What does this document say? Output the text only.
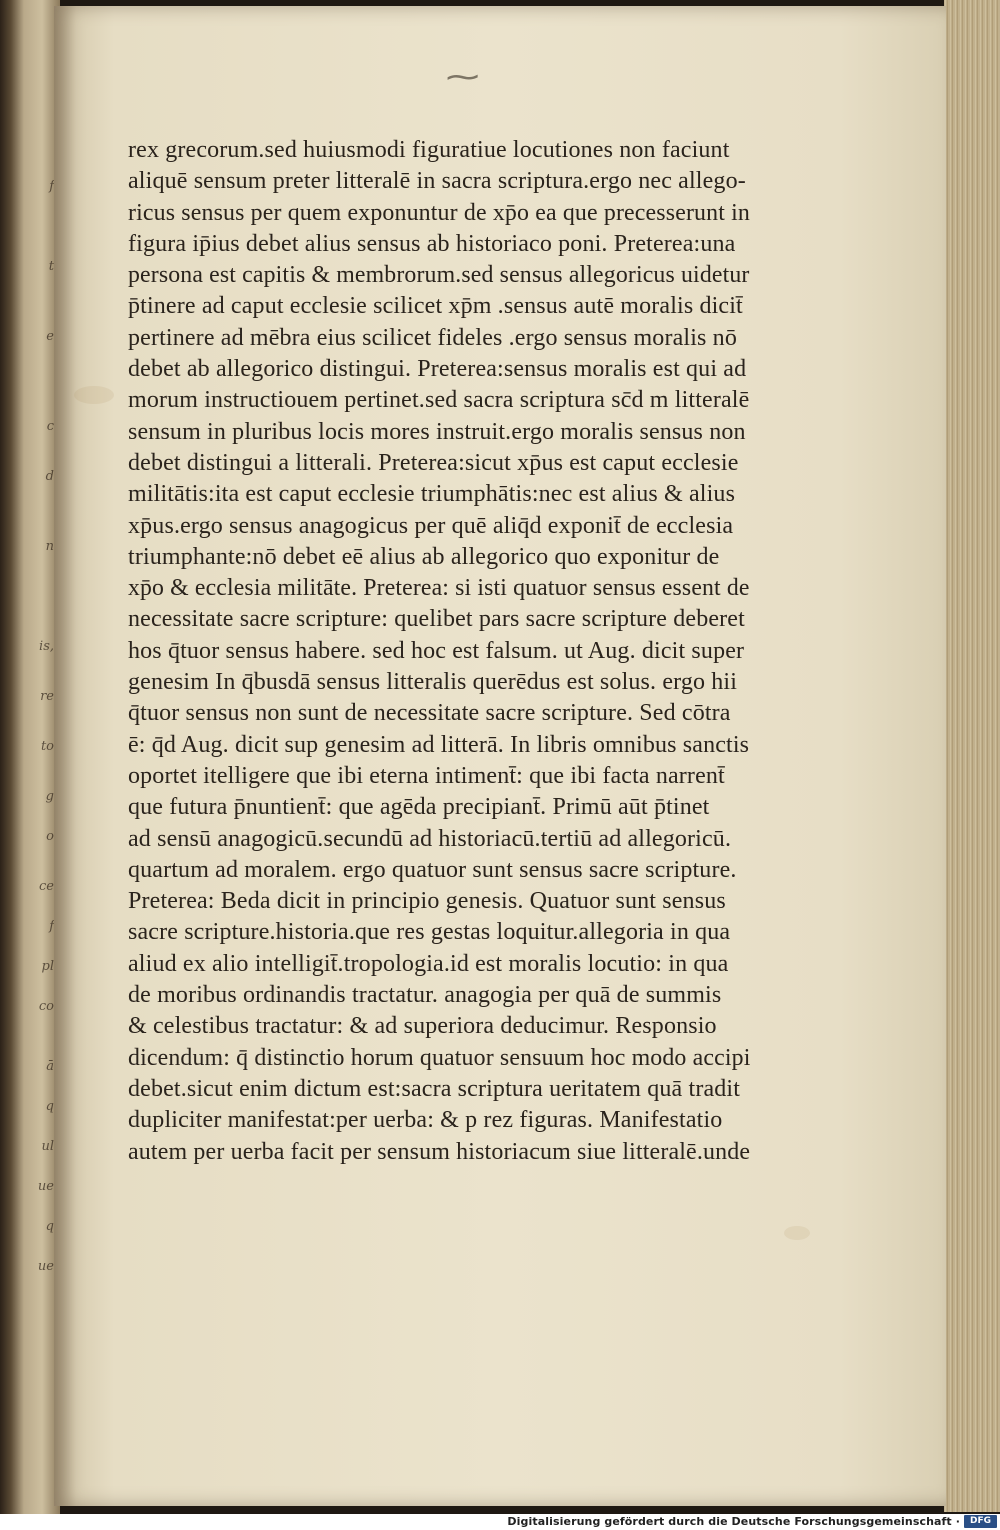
f
t
e
c
d
n
is,
re
to
g
o
ce
f
pl
co
ā
q
ul
ue
q
ue
~
rex grecorum.sed huiusmodi figuratiue locutiones non faciunt
aliquē sensum preter litteralē in sacra scriptura.ergo nec allego-
ricus sensus per quem exponuntur de xp̄o ea que precesserunt in
figura ip̄ius debet alius sensus ab historiaco poni. Preterea:una
persona est capitis & membrorum.sed sensus allegoricus uidetur
p̄tinere ad caput ecclesie scilicet xp̄m .sensus autē moralis dicit̄
pertinere ad mēbra eius scilicet fideles .ergo sensus moralis nō
debet ab allegorico distingui. Preterea:sensus moralis est qui ad
morum instructiouem pertinet.sed sacra scriptura sc̄d m litteralē
sensum in pluribus locis mores instruit.ergo moralis sensus non
debet distingui a litterali. Preterea:sicut xp̄us est caput ecclesie
militātis:ita est caput ecclesie triumphātis:nec est alius & alius
xp̄us.ergo sensus anagogicus per quē aliq̄d exponit̄ de ecclesia
triumphante:nō debet eē alius ab allegorico quo exponitur de
xp̄o & ecclesia militāte. Preterea: si isti quatuor sensus essent de
necessitate sacre scripture: quelibet pars sacre scripture deberet
hos q̄tuor sensus habere. sed hoc est falsum. ut Aug. dicit super
genesim In q̄busdā sensus litteralis querēdus est solus. ergo hii
q̄tuor sensus non sunt de necessitate sacre scripture. Sed cōtra
ē: q̄d Aug. dicit sup genesim ad litterā. In libris omnibus sanctis
oportet itelligere que ibi eterna intiment̄: que ibi facta narrent̄
que futura p̄nuntient̄: que agēda precipiant̄. Primū aūt p̄tinet
ad sensū anagogicū.secundū ad historiacū.tertiū ad allegoricū.
quartum ad moralem. ergo quatuor sunt sensus sacre scripture.
Preterea: Beda dicit in principio genesis. Quatuor sunt sensus
sacre scripture.historia.que res gestas loquitur.allegoria in qua
aliud ex alio intelligit̄.tropologia.id est moralis locutio: in qua
de moribus ordinandis tractatur. anagogia per quā de summis
& celestibus tractatur: & ad superiora deducimur. Responsio
dicendum: q̄ distinctio horum quatuor sensuum hoc modo accipi
debet.sicut enim dictum est:sacra scriptura ueritatem quā tradit
dupliciter manifestat:per uerba: & p rez figuras. Manifestatio
autem per uerba facit per sensum historiacum siue litteralē.unde
Digitalisierung gefördert durch die Deutsche Forschungsgemeinschaft ·	DFG
